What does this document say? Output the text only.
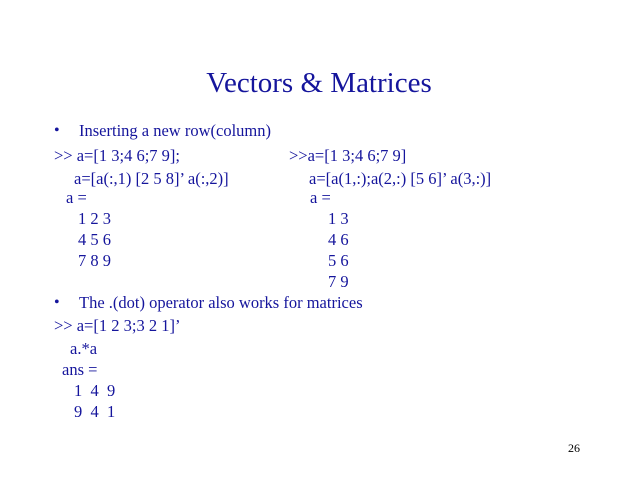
Vectors & Matrices
• Inserting a new row(column)
>> a=[1 3;4 6;7 9];
a=[a(:,1) [2 5 8]’ a(:,2)]
a =
1 2 3
4 5 6
7 8 9
>>a=[1 3;4 6;7 9]
a=[a(1,:);a(2,:) [5 6]’ a(3,:)]
a =
1 3
4 6
5 6
7 9
• The .(dot) operator also works for matrices
>> a=[1 2 3;3 2 1]’
a.*a
ans =
1  4  9
9  4  1
26
